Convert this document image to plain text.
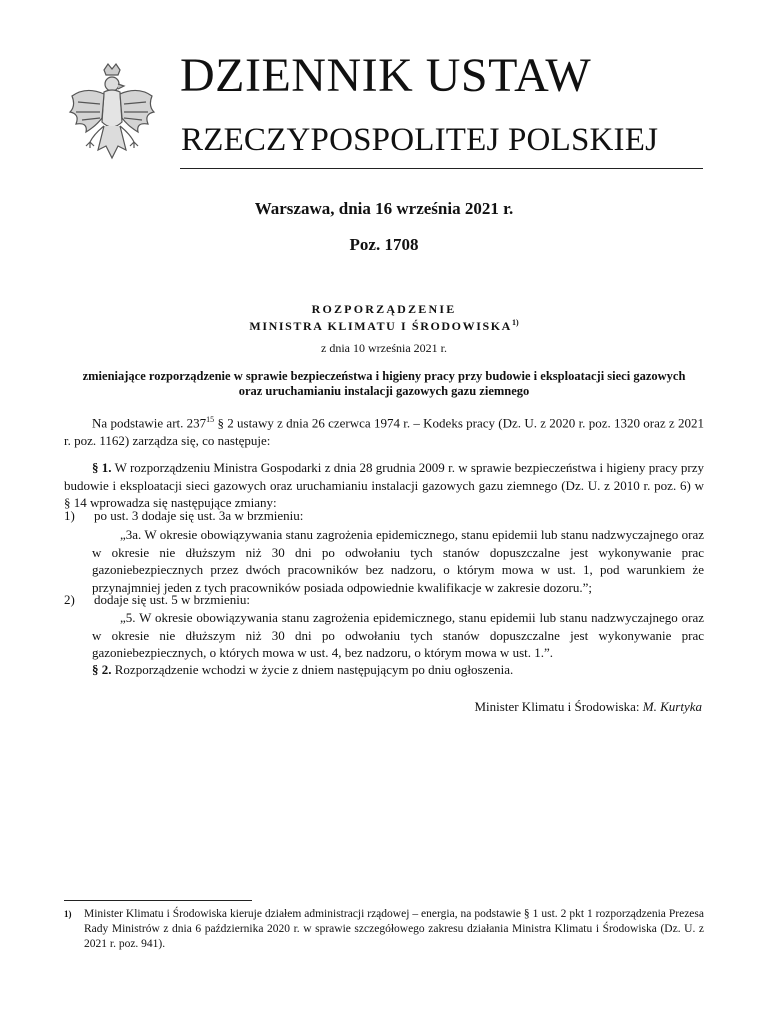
DZIENNIK USTAW
RZECZYPOSPOLITEJ POLSKIEJ
Warszawa, dnia 16 września 2021 r.
Poz. 1708
ROZPORZĄDZENIE
MINISTRA KLIMATU I ŚRODOWISKA$^{1)}$
z dnia 10 września 2021 r.
zmieniające rozporządzenie w sprawie bezpieczeństwa i higieny pracy przy budowie i eksploatacji sieci gazowych
oraz uruchamianiu instalacji gazowych gazu ziemnego
Na podstawie art. $237^{15}$ § 2 ustawy z dnia 26 czerwca 1974 r. – Kodeks pracy (Dz. U. z 2020 r. poz. 1320 oraz z 2021 r. poz. 1162) zarządza się, co następuje:
§ 1. W rozporządzeniu Ministra Gospodarki z dnia 28 grudnia 2009 r. w sprawie bezpieczeństwa i higieny pracy przy budowie i eksploatacji sieci gazowych oraz uruchamianiu instalacji gazowych gazu ziemnego (Dz. U. z 2010 r. poz. 6) w § 14 wprowadza się następujące zmiany:
1) po ust. 3 dodaje się ust. 3a w brzmieniu:
„3a. W okresie obowiązywania stanu zagrożenia epidemicznego, stanu epidemii lub stanu nadzwyczajnego oraz w okresie nie dłuższym niż 30 dni po odwołaniu tych stanów dopuszczalne jest wykonywanie prac gazoniebezpiecznych przez dwóch pracowników bez nadzoru, o którym mowa w ust. 1, pod warunkiem że przynajmniej jeden z tych pracowników posiada odpowiednie kwalifikacje w zakresie dozoru.”;
2) dodaje się ust. 5 w brzmieniu:
„5. W okresie obowiązywania stanu zagrożenia epidemicznego, stanu epidemii lub stanu nadzwyczajnego oraz w okresie nie dłuższym niż 30 dni po odwołaniu tych stanów dopuszczalne jest wykonywanie prac gazoniebezpiecznych, o których mowa w ust. 4, bez nadzoru, o którym mowa w ust. 1.”.
§ 2. Rozporządzenie wchodzi w życie z dniem następującym po dniu ogłoszenia.
Minister Klimatu i Środowiska: M. Kurtyka
1) Minister Klimatu i Środowiska kieruje działem administracji rządowej – energia, na podstawie § 1 ust. 2 pkt 1 rozporządzenia Prezesa Rady Ministrów z dnia 6 października 2020 r. w sprawie szczegółowego zakresu działania Ministra Klimatu i Środowiska (Dz. U. z 2021 r. poz. 941).
